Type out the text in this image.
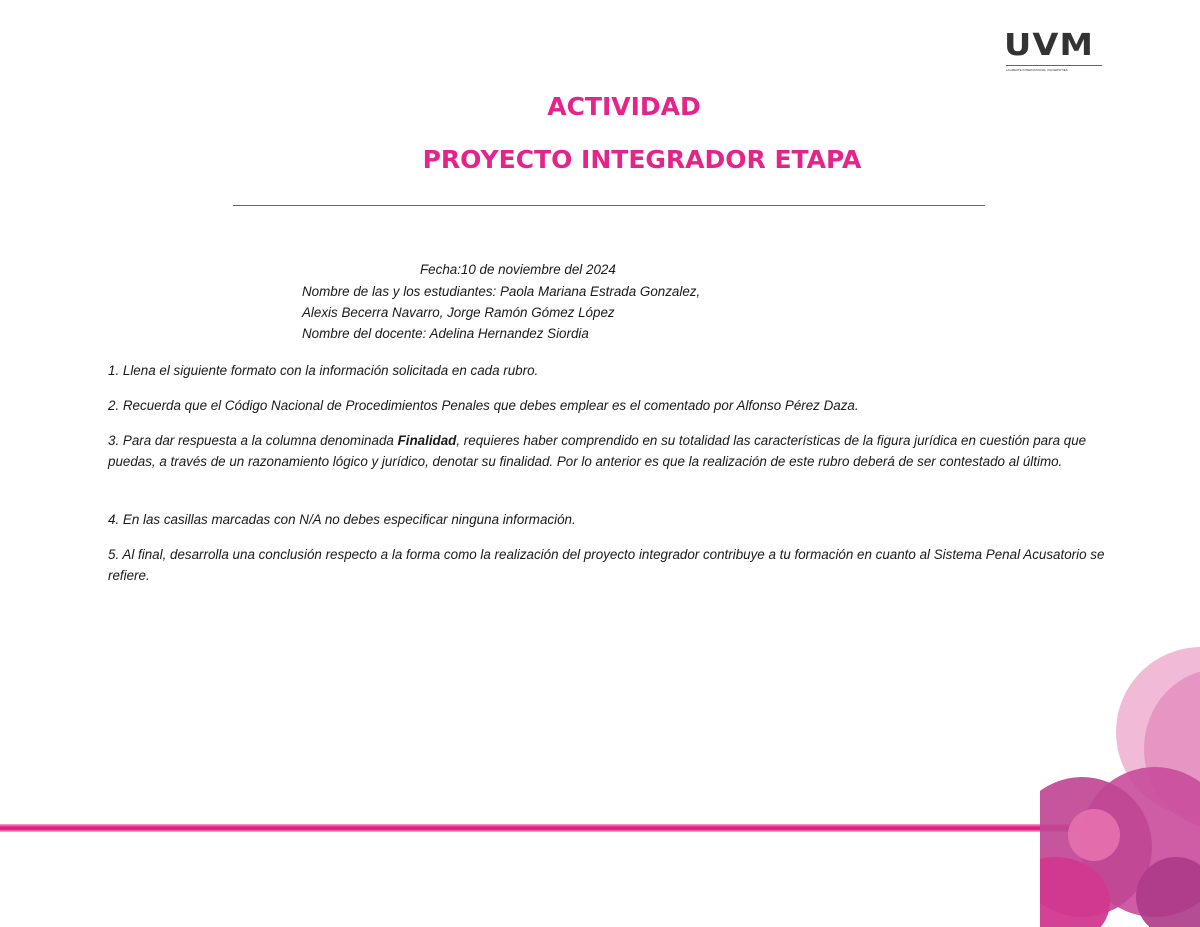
UVM
LAUREATE INTERNATIONAL UNIVERSITIES
ACTIVIDAD
PROYECTO INTEGRADOR ETAPA
Fecha:10 de noviembre del 2024
Nombre de las y los estudiantes: Paola Mariana Estrada Gonzalez,
Alexis Becerra Navarro, Jorge Ramón Gómez López
Nombre del docente: Adelina Hernandez Siordia

1. Llena el siguiente formato con la información solicitada en cada rubro.

2. Recuerda que el Código Nacional de Procedimientos Penales que debes emplear es el comentado por Alfonso Pérez Daza.

3. Para dar respuesta a la columna denominada Finalidad, requieres haber comprendido en su totalidad las características de la figura jurídica en cuestión para que puedas, a través de un razonamiento lógico y jurídico, denotar su finalidad. Por lo anterior es que la realización de este rubro deberá de ser contestado al último.

4. En las casillas marcadas con N/A no debes especificar ninguna información.

5. Al final, desarrolla una conclusión respecto a la forma como la realización del proyecto integrador contribuye a tu formación en cuanto al Sistema Penal Acusatorio se refiere.
